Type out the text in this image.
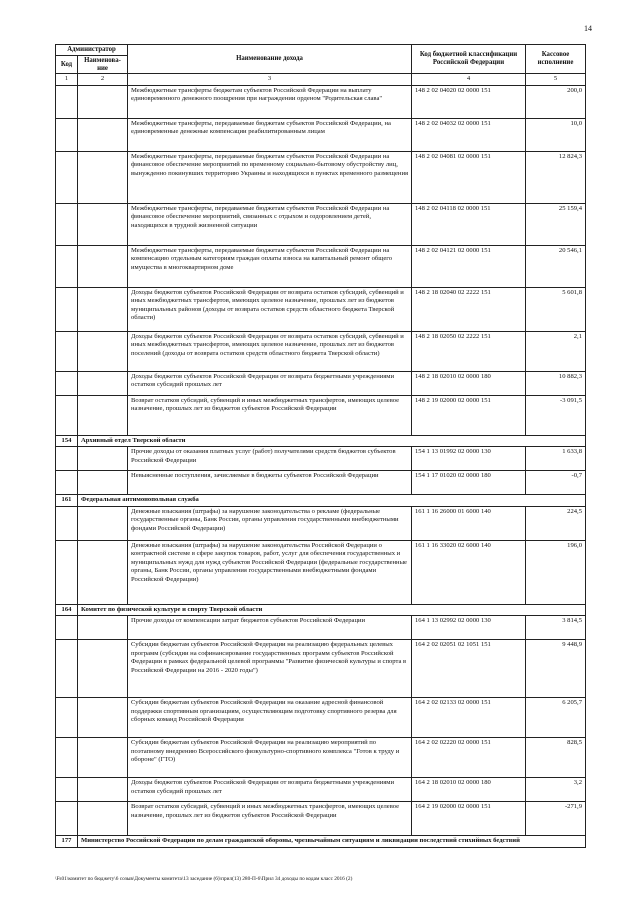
14
Администратор		Наименование дохода	Код бюджетной классификации Российской Федерации	Кассовое исполнение
Код	Наименова-ние			
1	2	3	4	5
		Межбюджетные трансферты бюджетам субъектов Российской Федерации на выплату единовременного денежного поощрения при награждении орденом "Родительская слава"	148 2 02 04020 02 0000 151	200,0
		Межбюджетные трансферты, передаваемые бюджетам субъектов Российской Федерации, на единовременные денежные компенсации реабилитированным лицам	148 2 02 04032 02 0000 151	10,0
		Межбюджетные трансферты, передаваемые бюджетам субъектов Российской Федерации на финансовое обеспечение мероприятий по временному социально-бытовому обустройству лиц, вынужденно покинувших территорию Украины и находящихся в пунктах временного размещения	148 2 02 04081 02 0000 151	12 824,3
		Межбюджетные трансферты, передаваемые бюджетам субъектов Российской Федерации на финансовое обеспечение мероприятий, связанных с отдыхом и оздоровлением детей, находящихся в трудной жизненной ситуации	148 2 02 04118 02 0000 151	25 159,4
		Межбюджетные трансферты, передаваемые бюджетам субъектов Российской Федерации на компенсацию отдельным категориям граждан оплаты взноса на капитальный ремонт общего имущества в многоквартирном доме	148 2 02 04121 02 0000 151	20 546,1
		Доходы бюджетов субъектов Российской Федерации от возврата остатков субсидий, субвенций и иных межбюджетных трансфертов, имеющих целевое назначение, прошлых лет из бюджетов муниципальных районов (доходы от возврата остатков средств областного бюджета Тверской области)	148 2 18 02040 02 2222 151	5 601,8
		Доходы бюджетов субъектов Российской Федерации от возврата остатков субсидий, субвенций и иных межбюджетных трансфертов, имеющих целевое назначение, прошлых лет из бюджетов поселений (доходы от возврата остатков средств областного бюджета Тверской области)	148 2 18 02050 02 2222 151	2,1
		Доходы бюджетов субъектов Российской Федерации от возврата бюджетными учреждениями остатков субсидий прошлых лет	148 2 18 02010 02 0000 180	10 882,3
		Возврат остатков субсидий, субвенций и иных межбюджетных трансфертов, имеющих целевое назначение, прошлых лет из бюджетов субъектов Российской Федерации	148 2 19 02000 02 0000 151	-3 091,5
154	Архивный отдел Тверской области			
		Прочие доходы от оказания платных услуг (работ) получателями средств бюджетов субъектов Российской Федерации	154 1 13 01992 02 0000 130	1 633,8
		Невыясненные поступления, зачисляемые в бюджеты субъектов Российской Федерации	154 1 17 01020 02 0000 180	-0,7
161	Федеральная антимонопольная служба			
		Денежные взыскания (штрафы) за нарушение законодательства о рекламе (федеральные государственные органы, Банк России, органы управления государственными внебюджетными фондами Российской Федерации)	161 1 16 26000 01 6000 140	224,5
		Денежные взыскания (штрафы) за нарушение законодательства Российской Федерации о контрактной системе в сфере закупок товаров, работ, услуг для обеспечения государственных и муниципальных нужд для нужд субъектов Российской Федерации (федеральные государственные органы, Банк России, органы управления государственными внебюджетными фондами Российской Федерации)	161 1 16 33020 02 6000 140	196,0
164	Комитет по физической культуре и спорту Тверской области			
		Прочие доходы от компенсации затрат бюджетов субъектов Российской Федерации	164 1 13 02992 02 0000 130	3 814,5
		Субсидии бюджетам субъектов Российской Федерации на реализацию федеральных целевых программ (субсидии на софинансирование государственных программ субъектов Российской Федерации в рамках федеральной целевой программы "Развитие физической культуры и спорта в Российской Федерации на 2016 - 2020 годы")	164 2 02 02051 02 1051 151	9 448,9
		Субсидии бюджетам субъектов Российской Федерации на оказание адресной финансовой поддержки спортивным организациям, осуществляющим подготовку спортивного резерва для сборных команд Российской Федерации	164 2 02 02133 02 0000 151	6 205,7
		Субсидии бюджетам субъектов Российской Федерации на реализацию мероприятий по поэтапному внедрению Всероссийского физкультурно-спортивного комплекса "Готов к труду и обороне" (ГТО)	164 2 02 02220 02 0000 151	828,5
		Доходы бюджетов субъектов Российской Федерации от возврата бюджетными учреждениями остатков субсидий прошлых лет	164 2 18 02010 02 0000 180	3,2
		Возврат остатков субсидий, субвенций и иных межбюджетных трансфертов, имеющих целевое назначение, прошлых лет из бюджетов субъектов Российской Федерации	164 2 19 02000 02 0000 151	-271,9
177	Министерство Российской Федерации по делам гражданской обороны, чрезвычайным ситуациям и ликвидации последствий стихийных бедствий			
\Fs01\комитет по бюджету\6 созыв\Документы комитета\13 заседание (6)\прил(13) 280-П-6\Прил 34 доходы по кодам класс 2016 (2)
